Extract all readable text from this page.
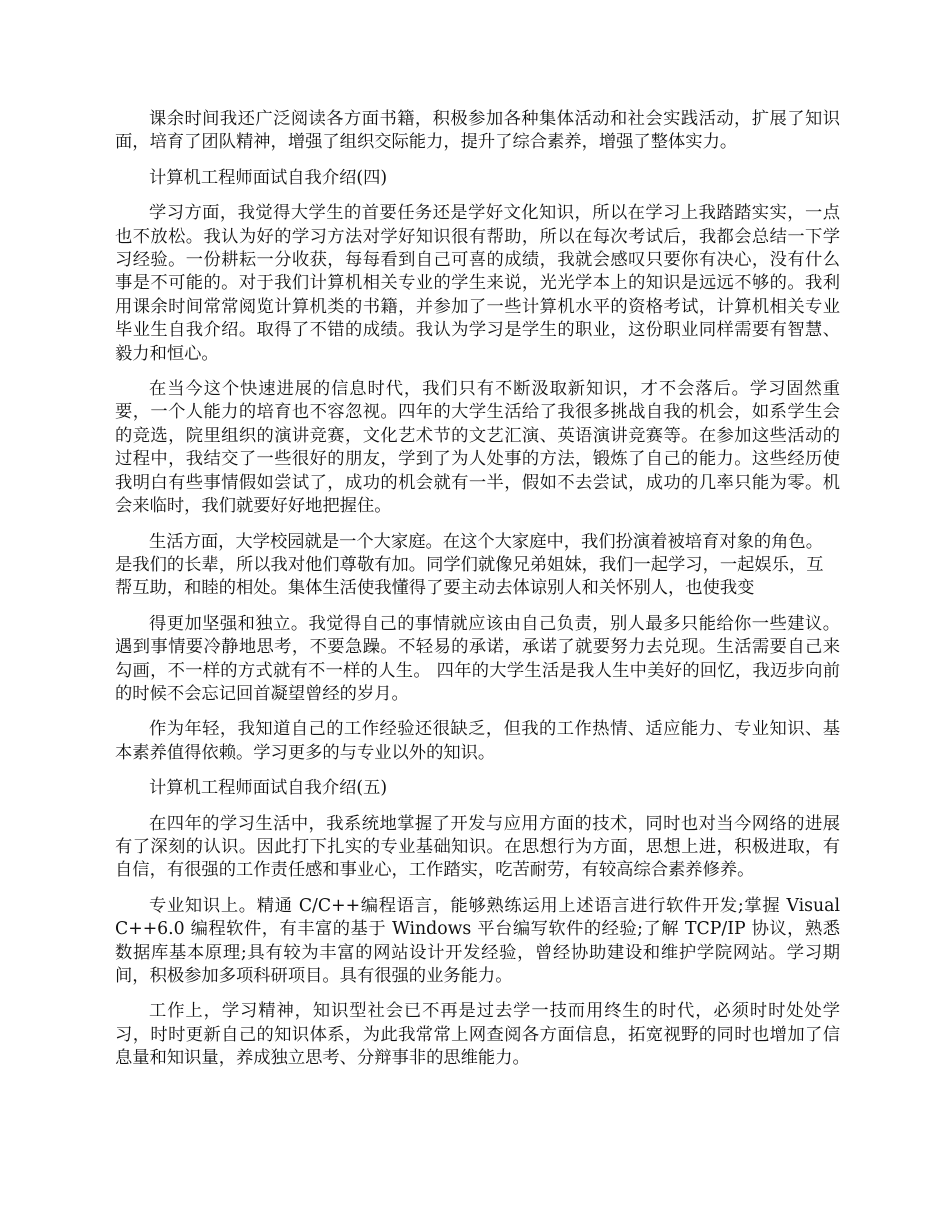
课余时间我还广泛阅读各方面书籍，积极参加各种集体活动和社会实践活动，扩展了知识面，培育了团队精神，增强了组织交际能力，提升了综合素养，增强了整体实力。

计算机工程师面试自我介绍(四)

学习方面，我觉得大学生的首要任务还是学好文化知识，所以在学习上我踏踏实实，一点也不放松。我认为好的学习方法对学好知识很有帮助，所以在每次考试后，我都会总结一下学习经验。一份耕耘一分收获，每每看到自己可喜的成绩，我就会感叹只要你有决心，没有什么事是不可能的。对于我们计算机相关专业的学生来说，光光学本上的知识是远远不够的。我利用课余时间常常阅览计算机类的书籍，并参加了一些计算机水平的资格考试，计算机相关专业毕业生自我介绍。取得了不错的成绩。我认为学习是学生的职业，这份职业同样需要有智慧、毅力和恒心。

在当今这个快速进展的信息时代，我们只有不断汲取新知识，才不会落后。学习固然重要，一个人能力的培育也不容忽视。四年的大学生活给了我很多挑战自我的机会，如系学生会的竞选，院里组织的演讲竞赛，文化艺术节的文艺汇演、英语演讲竞赛等。在参加这些活动的过程中，我结交了一些很好的朋友，学到了为人处事的方法，锻炼了自己的能力。这些经历使我明白有些事情假如尝试了，成功的机会就有一半，假如不去尝试，成功的几率只能为零。机会来临时，我们就要好好地把握住。

生活方面，大学校园就是一个大家庭。在这个大家庭中，我们扮演着被培育对象的角色。是我们的长辈，所以我对他们尊敬有加。同学们就像兄弟姐妹，我们一起学习，一起娱乐，互帮互助，和睦的相处。集体生活使我懂得了要主动去体谅别人和关怀别人，也使我变

得更加坚强和独立。我觉得自己的事情就应该由自己负责，别人最多只能给你一些建议。遇到事情要冷静地思考，不要急躁。不轻易的承诺，承诺了就要努力去兑现。生活需要自己来勾画，不一样的方式就有不一样的人生。 四年的大学生活是我人生中美好的回忆，我迈步向前的时候不会忘记回首凝望曾经的岁月。

作为年轻，我知道自己的工作经验还很缺乏，但我的工作热情、适应能力、专业知识、基本素养值得依赖。学习更多的与专业以外的知识。

计算机工程师面试自我介绍(五)

在四年的学习生活中，我系统地掌握了开发与应用方面的技术，同时也对当今网络的进展有了深刻的认识。因此打下扎实的专业基础知识。在思想行为方面，思想上进，积极进取，有自信，有很强的工作责任感和事业心，工作踏实，吃苦耐劳，有较高综合素养修养。

专业知识上。精通 C/C++编程语言，能够熟练运用上述语言进行软件开发;掌握 Visual C++6.0 编程软件，有丰富的基于 Windows 平台编写软件的经验;了解 TCP/IP 协议，熟悉数据库基本原理;具有较为丰富的网站设计开发经验，曾经协助建设和维护学院网站。学习期间，积极参加多项科研项目。具有很强的业务能力。

工作上，学习精神，知识型社会已不再是过去学一技而用终生的时代，必须时时处处学习，时时更新自己的知识体系，为此我常常上网查阅各方面信息，拓宽视野的同时也增加了信息量和知识量，养成独立思考、分辩事非的思维能力。
